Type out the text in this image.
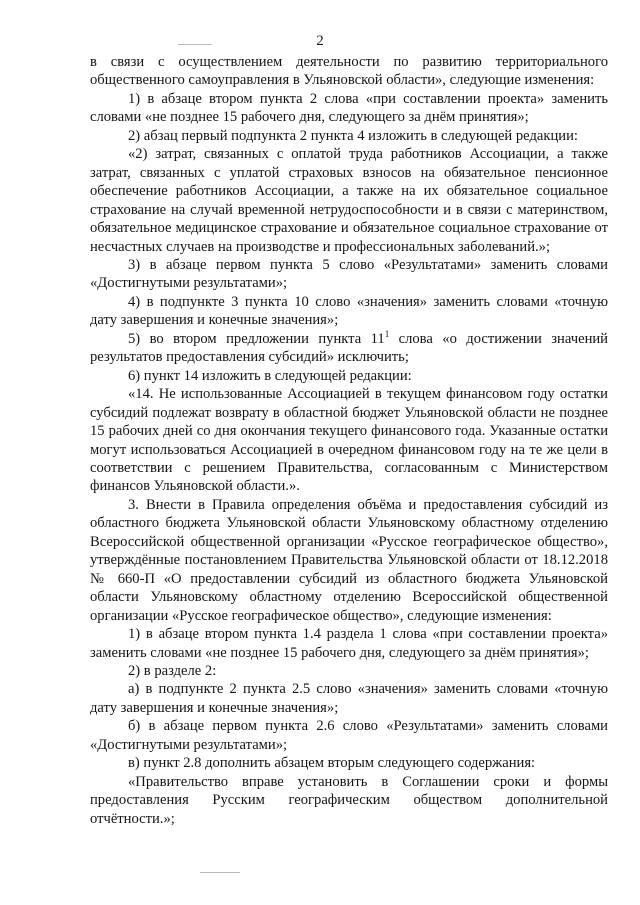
2

в связи с осуществлением деятельности по развитию территориального общественного самоуправления в Ульяновской области», следующие изменения:

1) в абзаце втором пункта 2 слова «при составлении проекта» заменить словами «не позднее 15 рабочего дня, следующего за днём принятия»;

2) абзац первый подпункта 2 пункта 4 изложить в следующей редакции:

«2) затрат, связанных с оплатой труда работников Ассоциации, а также затрат, связанных с уплатой страховых взносов на обязательное пенсионное обеспечение работников Ассоциации, а также на их обязательное социальное страхование на случай временной нетрудоспособности и в связи с материнством, обязательное медицинское страхование и обязательное социальное страхование от несчастных случаев на производстве и профессиональных заболеваний.»;

3) в абзаце первом пункта 5 слово «Результатами» заменить словами «Достигнутыми результатами»;

4) в подпункте 3 пункта 10 слово «значения» заменить словами «точную дату завершения и конечные значения»;

5) во втором предложении пункта $11^1$ слова «о достижении значений результатов предоставления субсидий» исключить;

6) пункт 14 изложить в следующей редакции:

«14. Не использованные Ассоциацией в текущем финансовом году остатки субсидий подлежат возврату в областной бюджет Ульяновской области не позднее 15 рабочих дней со дня окончания текущего финансового года. Указанные остатки могут использоваться Ассоциацией в очередном финансовом году на те же цели в соответствии с решением Правительства, согласованным с Министерством финансов Ульяновской области.».

3. Внести в Правила определения объёма и предоставления субсидий из областного бюджета Ульяновской области Ульяновскому областному отделению Всероссийской общественной организации «Русское географическое общество», утверждённые постановлением Правительства Ульяновской области от 18.12.2018 № 660-П «О предоставлении субсидий из областного бюджета Ульяновской области Ульяновскому областному отделению Всероссийской общественной организации «Русское географическое общество», следующие изменения:

1) в абзаце втором пункта 1.4 раздела 1 слова «при составлении проекта» заменить словами «не позднее 15 рабочего дня, следующего за днём принятия»;

2) в разделе 2:

а) в подпункте 2 пункта 2.5 слово «значения» заменить словами «точную дату завершения и конечные значения»;

б) в абзаце первом пункта 2.6 слово «Результатами» заменить словами «Достигнутыми результатами»;

в) пункт 2.8 дополнить абзацем вторым следующего содержания:

«Правительство вправе установить в Соглашении сроки и формы предоставления Русским географическим обществом дополнительной отчётности.»;
